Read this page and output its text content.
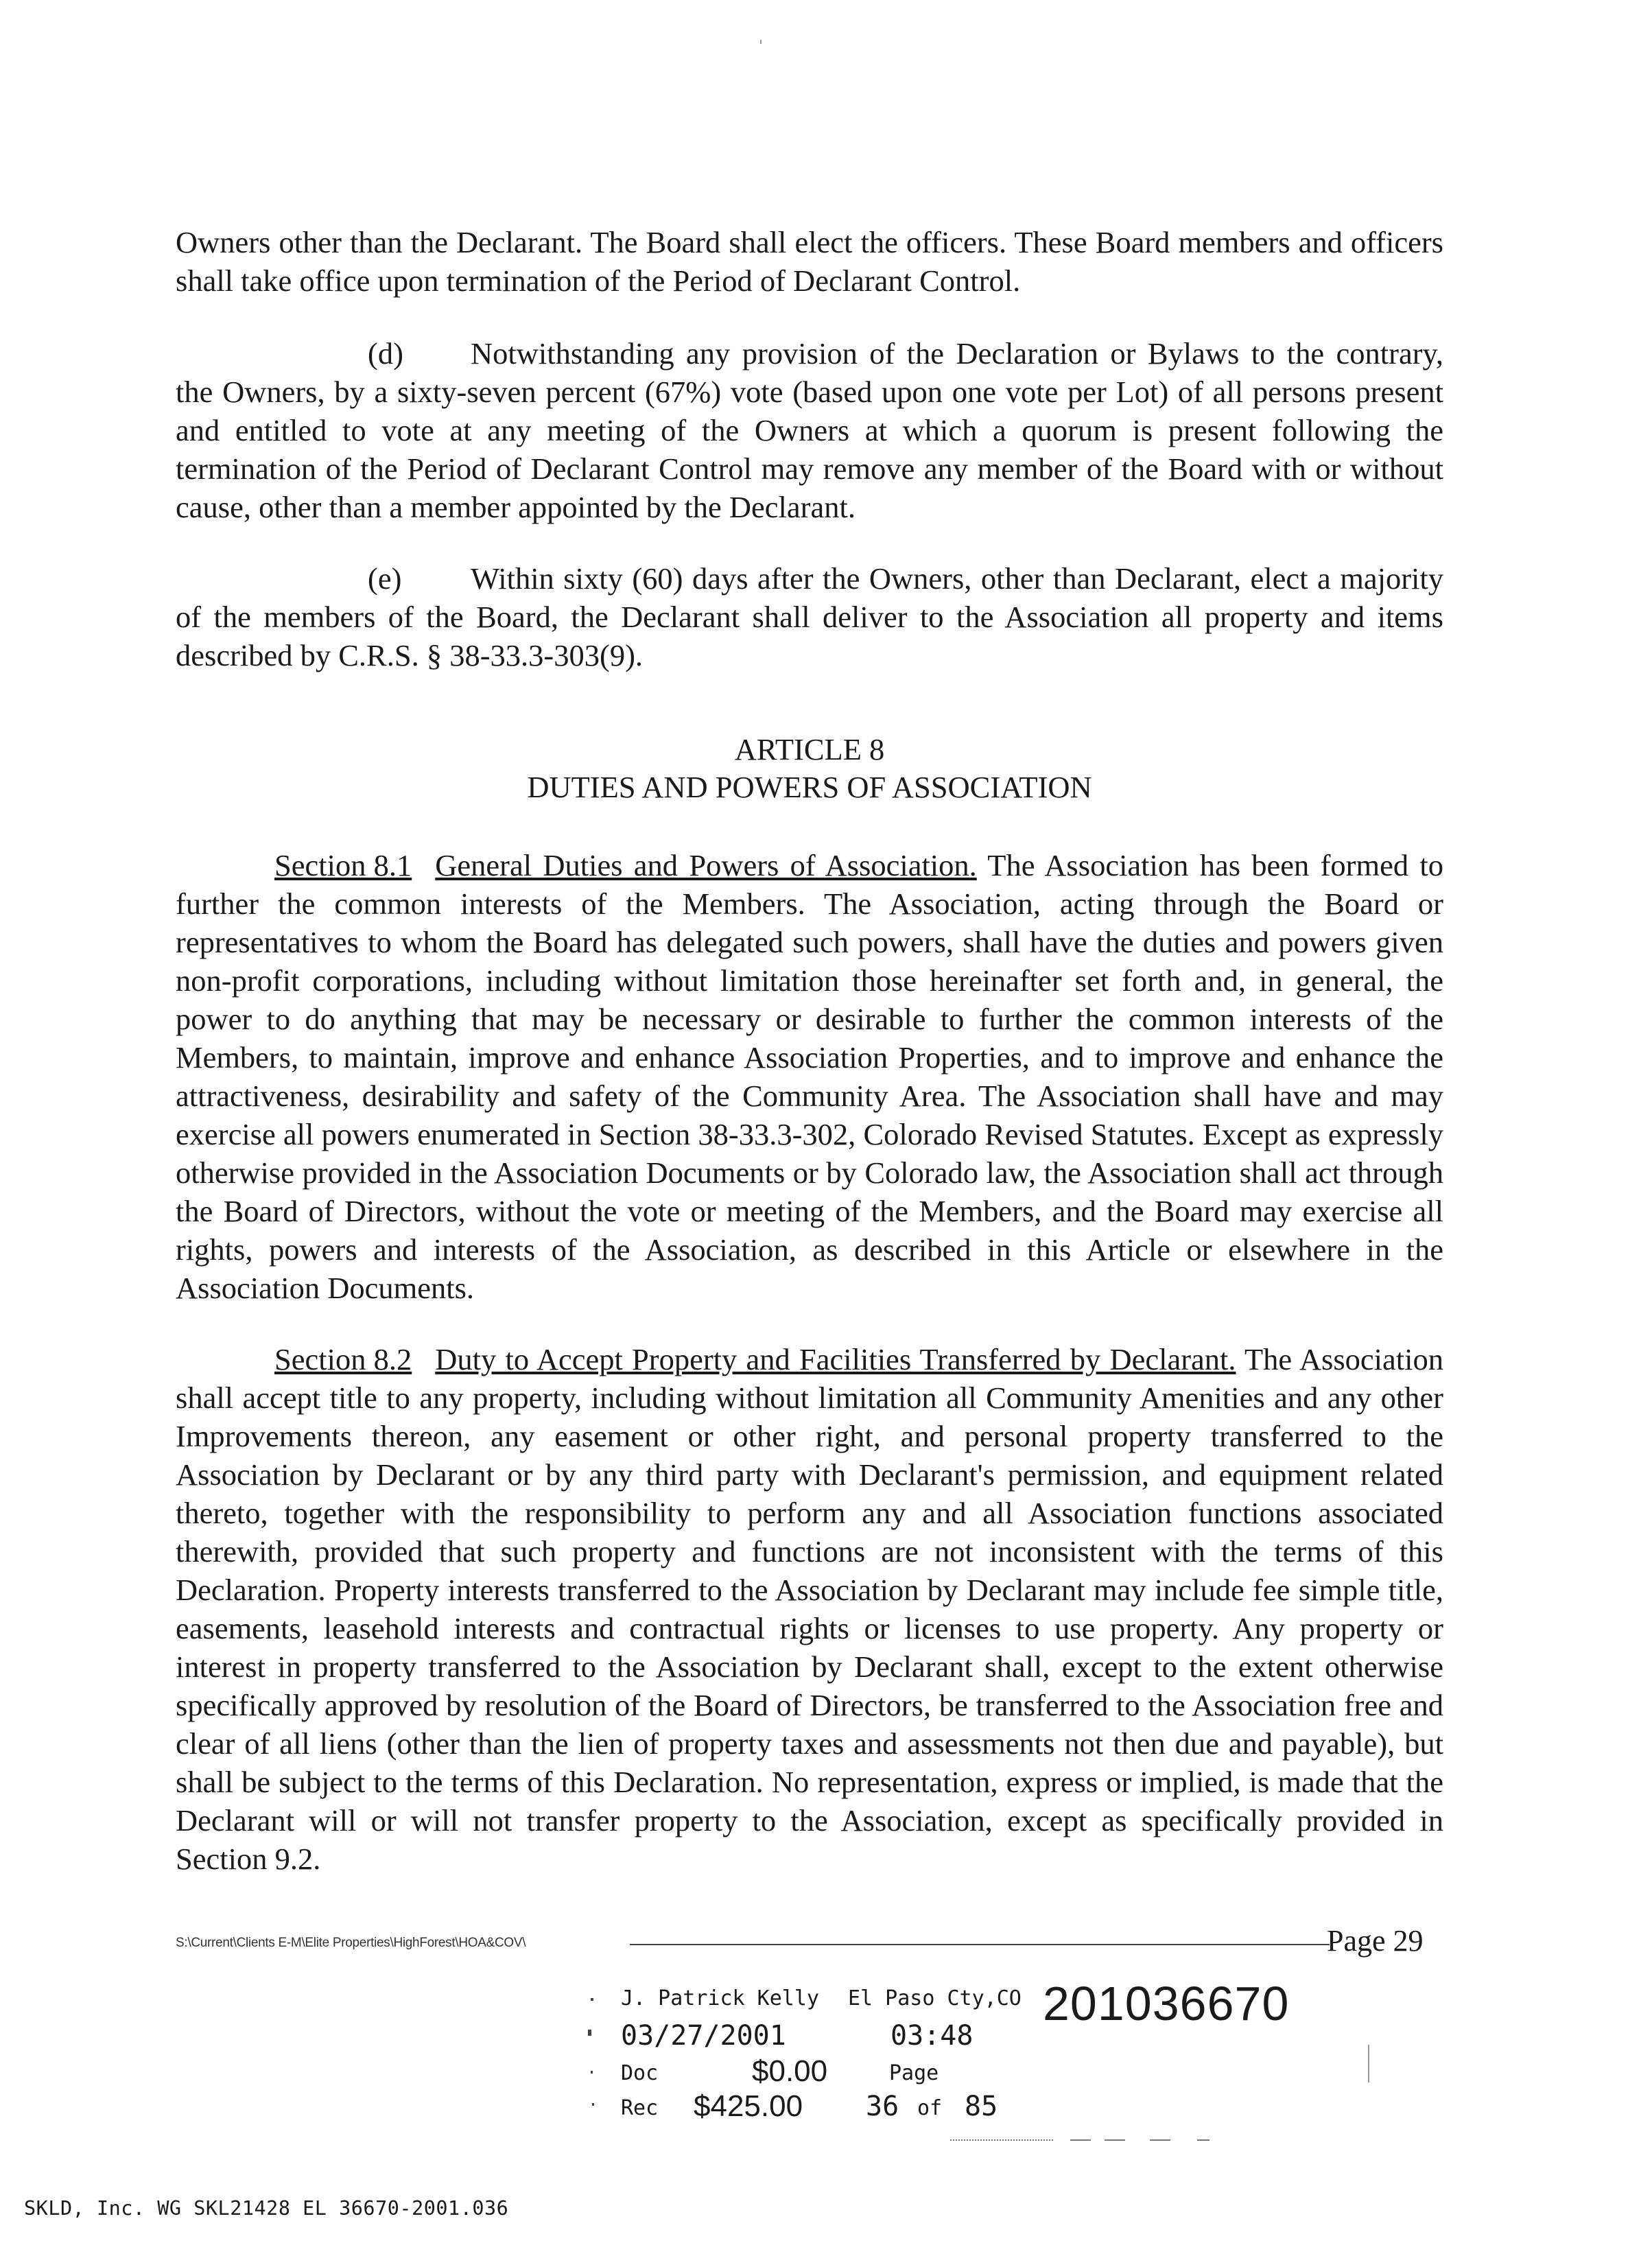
Owners other than the Declarant. The Board shall elect the officers. These Board members and officers shall take office upon termination of the Period of Declarant Control.

(d) Notwithstanding any provision of the Declaration or Bylaws to the contrary, the Owners, by a sixty-seven percent (67%) vote (based upon one vote per Lot) of all persons present and entitled to vote at any meeting of the Owners at which a quorum is present following the termination of the Period of Declarant Control may remove any member of the Board with or without cause, other than a member appointed by the Declarant.

(e) Within sixty (60) days after the Owners, other than Declarant, elect a majority of the members of the Board, the Declarant shall deliver to the Association all property and items described by C.R.S. § 38-33.3-303(9).

ARTICLE 8

DUTIES AND POWERS OF ASSOCIATION

Section 8.1 General Duties and Powers of Association. The Association has been formed to further the common interests of the Members. The Association, acting through the Board or representatives to whom the Board has delegated such powers, shall have the duties and powers given non-profit corporations, including without limitation those hereinafter set forth and, in general, the power to do anything that may be necessary or desirable to further the common interests of the Members, to maintain, improve and enhance Association Properties, and to improve and enhance the attractiveness, desirability and safety of the Community Area. The Association shall have and may exercise all powers enumerated in Section 38-33.3-302, Colorado Revised Statutes. Except as expressly otherwise provided in the Association Documents or by Colorado law, the Association shall act through the Board of Directors, without the vote or meeting of the Members, and the Board may exercise all rights, powers and interests of the Association, as described in this Article or elsewhere in the Association Documents.

Section 8.2 Duty to Accept Property and Facilities Transferred by Declarant. The Association shall accept title to any property, including without limitation all Community Amenities and any other Improvements thereon, any easement or other right, and personal property transferred to the Association by Declarant or by any third party with Declarant's permission, and equipment related thereto, together with the responsibility to perform any and all Association functions associated therewith, provided that such property and functions are not inconsistent with the terms of this Declaration. Property interests transferred to the Association by Declarant may include fee simple title, easements, leasehold interests and contractual rights or licenses to use property. Any property or interest in property transferred to the Association by Declarant shall, except to the extent otherwise specifically approved by resolution of the Board of Directors, be transferred to the Association free and clear of all liens (other than the lien of property taxes and assessments not then due and payable), but shall be subject to the terms of this Declaration. No representation, express or implied, is made that the Declarant will or will not transfer property to the Association, except as specifically provided in Section 9.2.

S:\Current\Clients E-M\Elite Properties\HighForest\HOA&COV\	Page 29
J. Patrick Kelly El Paso Cty,CO 201036670
03/27/2001	03:48
Doc	$0.00	Page
Rec $425.00 36 of 85
SKLD, Inc. WG SKL21428 EL 36670-2001.036
